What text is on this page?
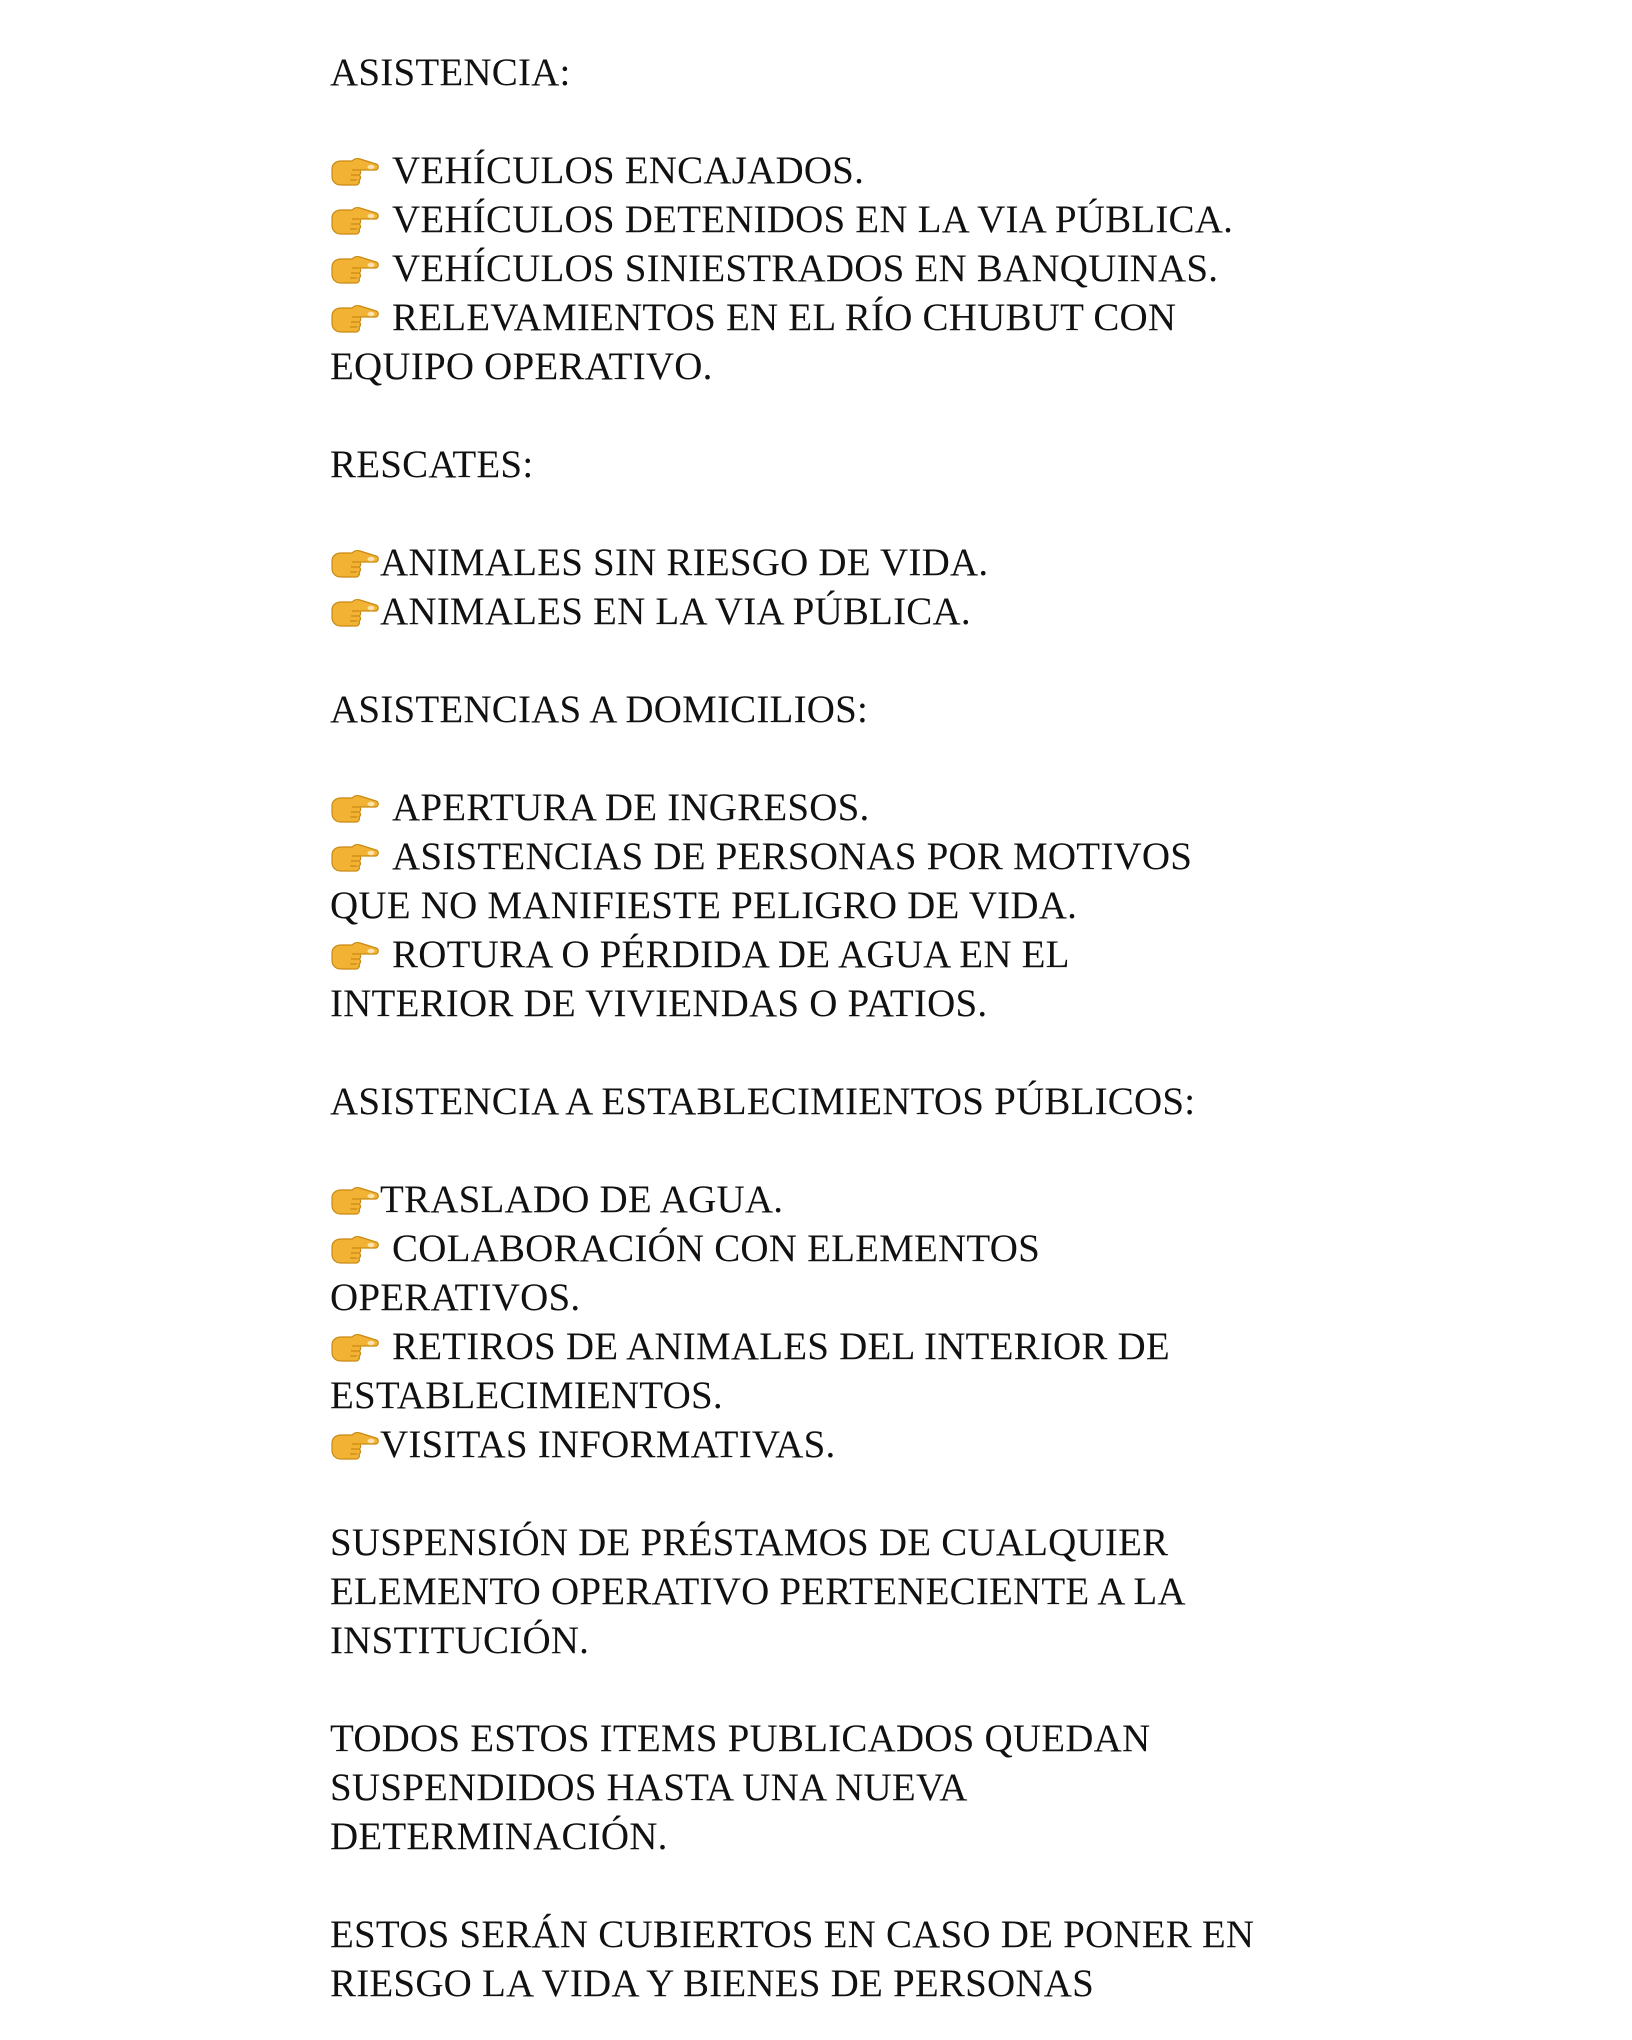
ASISTENCIA:
VEHÍCULOS ENCAJADOS.
VEHÍCULOS DETENIDOS EN LA VIA PÚBLICA.
VEHÍCULOS SINIESTRADOS EN BANQUINAS.
RELEVAMIENTOS EN EL RÍO CHUBUT CON
EQUIPO OPERATIVO.
RESCATES:
ANIMALES SIN RIESGO DE VIDA.
ANIMALES EN LA VIA PÚBLICA.
ASISTENCIAS A DOMICILIOS:
APERTURA DE INGRESOS.
ASISTENCIAS DE PERSONAS POR MOTIVOS
QUE NO MANIFIESTE PELIGRO DE VIDA.
ROTURA O PÉRDIDA DE AGUA EN EL
INTERIOR DE VIVIENDAS O PATIOS.
ASISTENCIA A ESTABLECIMIENTOS PÚBLICOS:
TRASLADO DE AGUA.
COLABORACIÓN CON ELEMENTOS
OPERATIVOS.
RETIROS DE ANIMALES DEL INTERIOR DE
ESTABLECIMIENTOS.
VISITAS INFORMATIVAS.
SUSPENSIÓN DE PRÉSTAMOS DE CUALQUIER
ELEMENTO OPERATIVO PERTENECIENTE A LA
INSTITUCIÓN.
TODOS ESTOS ITEMS PUBLICADOS QUEDAN
SUSPENDIDOS HASTA UNA NUEVA
DETERMINACIÓN.
ESTOS SERÁN CUBIERTOS EN CASO DE PONER EN
RIESGO LA VIDA Y BIENES DE PERSONAS
